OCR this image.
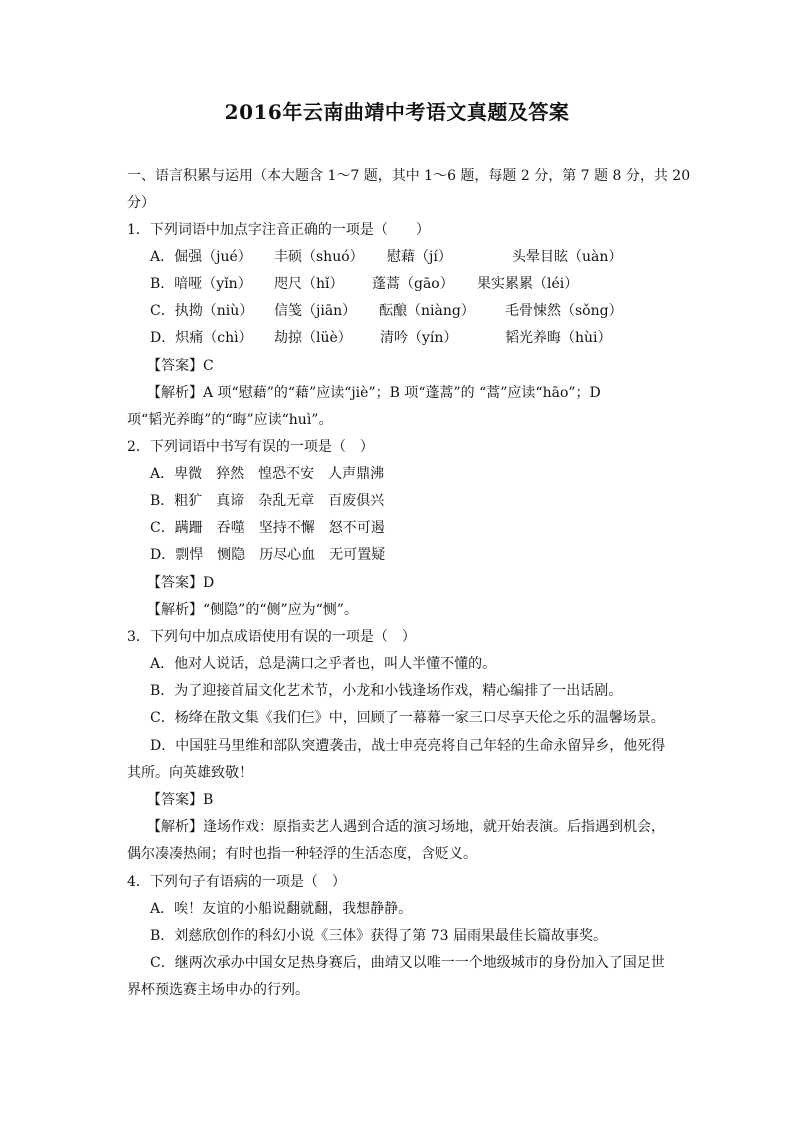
2016年云南曲靖中考语文真题及答案
一、语言积累与运用（本大题含 1～7 题，其中 1～6 题，每题 2 分，第 7 题 8 分，共 20
分）
1．下列词语中加点字注音正确的一项是（　　）
A．倔强（jué） 丰硕（shuó） 慰藉（jí）	头晕目眩（uàn）
B．喑哑（yǐn） 咫尺（hǐ） 蓬蒿（gāo） 果实累累（léi）
C．执拗（niù） 信笺（jiān） 酝酿（niàng） 毛骨悚然（sǒng）
D．炽痛（chì） 劫掠（lüè） 清吟（yín）	韬光养晦（hùi）
【答案】C
【解析】A 项“慰藉”的“藉”应读“jiè”；B 项“蓬蒿”的 “蒿”应读“hāo”；D
项“韬光养晦”的“晦”应读“huì”。
2．下列词语中书写有误的一项是（　）
A．卑微　猝然　惶恐不安　人声鼎沸
B．粗犷　真谛　杂乱无章　百废俱兴
C．蹒跚　吞噬　坚持不懈　怒不可遏
D．剽悍　恻隐　历尽心血　无可置疑
【答案】D
【解析】“侧隐”的“侧”应为“恻”。
3．下列句中加点成语使用有误的一项是（　）
A．他对人说话，总是满口之乎者也，叫人半懂不懂的。
B．为了迎接首届文化艺术节，小龙和小钱逢场作戏，精心编排了一出话剧。
C．杨绛在散文集《我们仨》中，回顾了一幕幕一家三口尽享天伦之乐的温馨场景。
D．中国驻马里维和部队突遭袭击，战士申亮亮将自己年轻的生命永留异乡，他死得
其所。向英雄致敬！
【答案】B
【解析】逢场作戏：原指卖艺人遇到合适的演习场地，就开始表演。后指遇到机会，
偶尔凑凑热闹；有时也指一种轻浮的生活态度，含贬义。
4．下列句子有语病的一项是（　）
A．唉！友谊的小船说翻就翻，我想静静。
B．刘慈欣创作的科幻小说《三体》获得了第 73 届雨果最佳长篇故事奖。
C．继两次承办中国女足热身赛后，曲靖又以唯一一个地级城市的身份加入了国足世
界杯预选赛主场申办的行列。
